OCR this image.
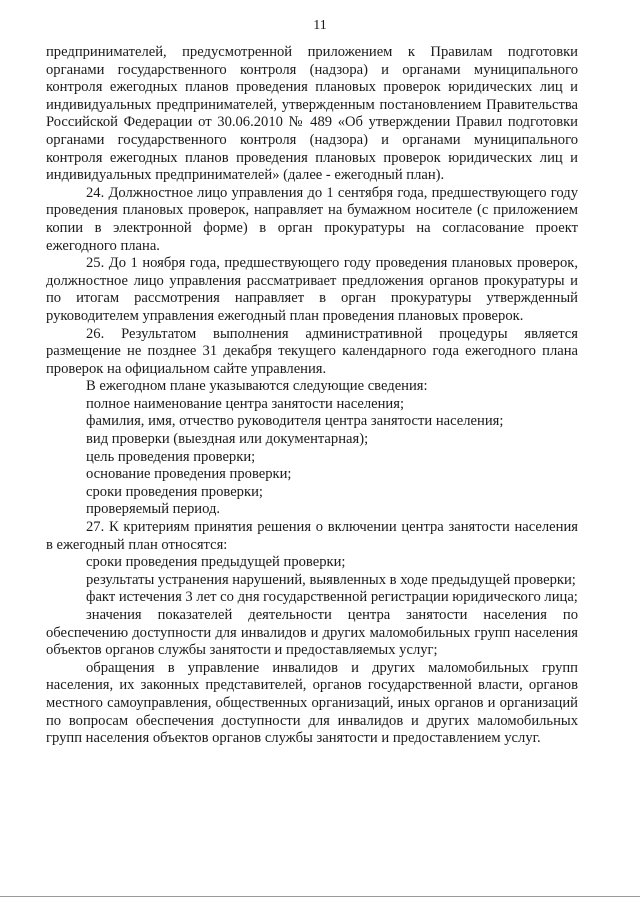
11

предпринимателей, предусмотренной приложением к Правилам подготовки органами государственного контроля (надзора) и органами муниципального контроля ежегодных планов проведения плановых проверок юридических лиц и индивидуальных предпринимателей, утвержденным постановлением Правительства Российской Федерации от 30.06.2010 № 489 «Об утверждении Правил подготовки органами государственного контроля (надзора) и органами муниципального контроля ежегодных планов проведения плановых проверок юридических лиц и индивидуальных предпринимателей» (далее - ежегодный план).

24. Должностное лицо управления до 1 сентября года, предшествующего году проведения плановых проверок, направляет на бумажном носителе (с приложением копии в электронной форме) в орган прокуратуры на согласование проект ежегодного плана.

25. До 1 ноября года, предшествующего году проведения плановых проверок, должностное лицо управления рассматривает предложения органов прокуратуры и по итогам рассмотрения направляет в орган прокуратуры утвержденный руководителем управления ежегодный план проведения плановых проверок.

26. Результатом выполнения административной процедуры является размещение не позднее 31 декабря текущего календарного года ежегодного плана проверок на официальном сайте управления.

В ежегодном плане указываются следующие сведения:

полное наименование центра занятости населения;

фамилия, имя, отчество руководителя центра занятости населения;

вид проверки (выездная или документарная);

цель проведения проверки;

основание проведения проверки;

сроки проведения проверки;

проверяемый период.

27. К критериям принятия решения о включении центра занятости населения в ежегодный план относятся:

сроки проведения предыдущей проверки;

результаты устранения нарушений, выявленных в ходе предыдущей проверки;

факт истечения 3 лет со дня государственной регистрации юридического лица;

значения показателей деятельности центра занятости населения по обеспечению доступности для инвалидов и других маломобильных групп населения объектов органов службы занятости и предоставляемых услуг;

обращения в управление инвалидов и других маломобильных групп населения, их законных представителей, органов государственной власти, органов местного самоуправления, общественных организаций, иных органов и организаций по вопросам обеспечения доступности для инвалидов и других маломобильных групп населения объектов органов службы занятости и предоставлением услуг.
